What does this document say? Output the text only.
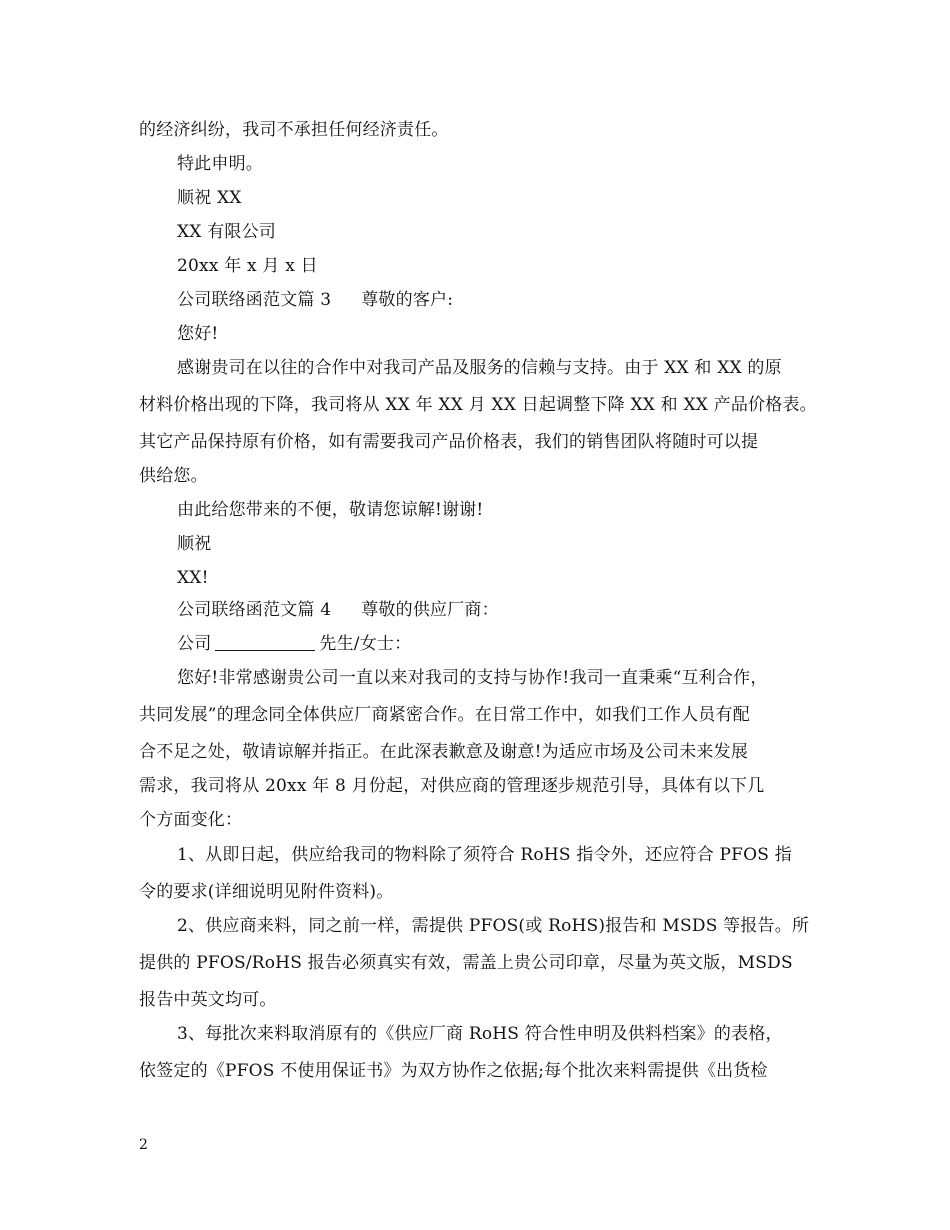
的经济纠纷，我司不承担任何经济责任。
特此申明。
顺祝 XX
XX 有限公司
20xx 年 x 月 x 日
公司联络函范文篇 3 尊敬的客户:
您好!
感谢贵司在以往的合作中对我司产品及服务的信赖与支持。由于 XX 和 XX 的原
材料价格出现的下降，我司将从 XX 年 XX 月 XX 日起调整下降 XX 和 XX 产品价格表。
其它产品保持原有价格，如有需要我司产品价格表，我们的销售团队将随时可以提
供给您。
由此给您带来的不便，敬请您谅解!谢谢!
顺祝
XX!
公司联络函范文篇 4 尊敬的供应厂商：
公司	先生/女士：
您好!非常感谢贵公司一直以来对我司的支持与协作!我司一直秉乘“互利合作，
共同发展”的理念同全体供应厂商紧密合作。在日常工作中，如我们工作人员有配
合不足之处，敬请谅解并指正。在此深表歉意及谢意!为适应市场及公司未来发展
需求，我司将从 20xx 年 8 月份起，对供应商的管理逐步规范引导，具体有以下几
个方面变化：
1、从即日起，供应给我司的物料除了须符合 RoHS 指令外，还应符合 PFOS 指
令的要求(详细说明见附件资料)。
2、供应商来料，同之前一样，需提供 PFOS(或 RoHS)报告和 MSDS 等报告。所
提供的 PFOS/RoHS 报告必须真实有效，需盖上贵公司印章，尽量为英文版，MSDS
报告中英文均可。
3、每批次来料取消原有的《供应厂商 RoHS 符合性申明及供料档案》的表格，
依签定的《PFOS 不使用保证书》为双方协作之依据;每个批次来料需提供《出货检
2
